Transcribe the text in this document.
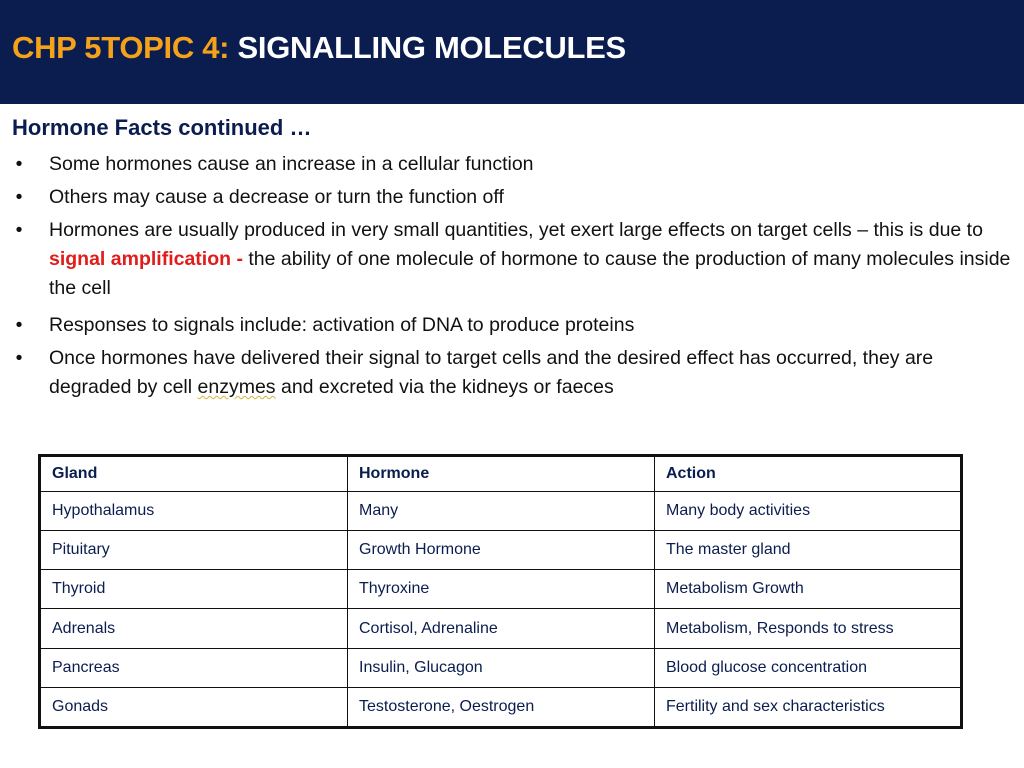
CHP 5TOPIC 4: SIGNALLING MOLECULES
Hormone Facts continued …
• Some hormones cause an increase in a cellular function
• Others may cause a decrease or turn the function off
• Hormones are usually produced in very small quantities, yet exert large effects on target cells – this is due to signal amplification - the ability of one molecule of hormone to cause the production of many molecules inside the cell
• Responses to signals include: activation of DNA to produce proteins
• Once hormones have delivered their signal to target cells and the desired effect has occurred, they are degraded by cell enzymes and excreted via the kidneys or faeces
Gland	Hormone	Action
Hypothalamus	Many	Many body activities
Pituitary	Growth Hormone	The master gland
Thyroid	Thyroxine	Metabolism Growth
Adrenals	Cortisol, Adrenaline	Metabolism, Responds to stress
Pancreas	Insulin, Glucagon	Blood glucose concentration
Gonads	Testosterone, Oestrogen	Fertility and sex characteristics
